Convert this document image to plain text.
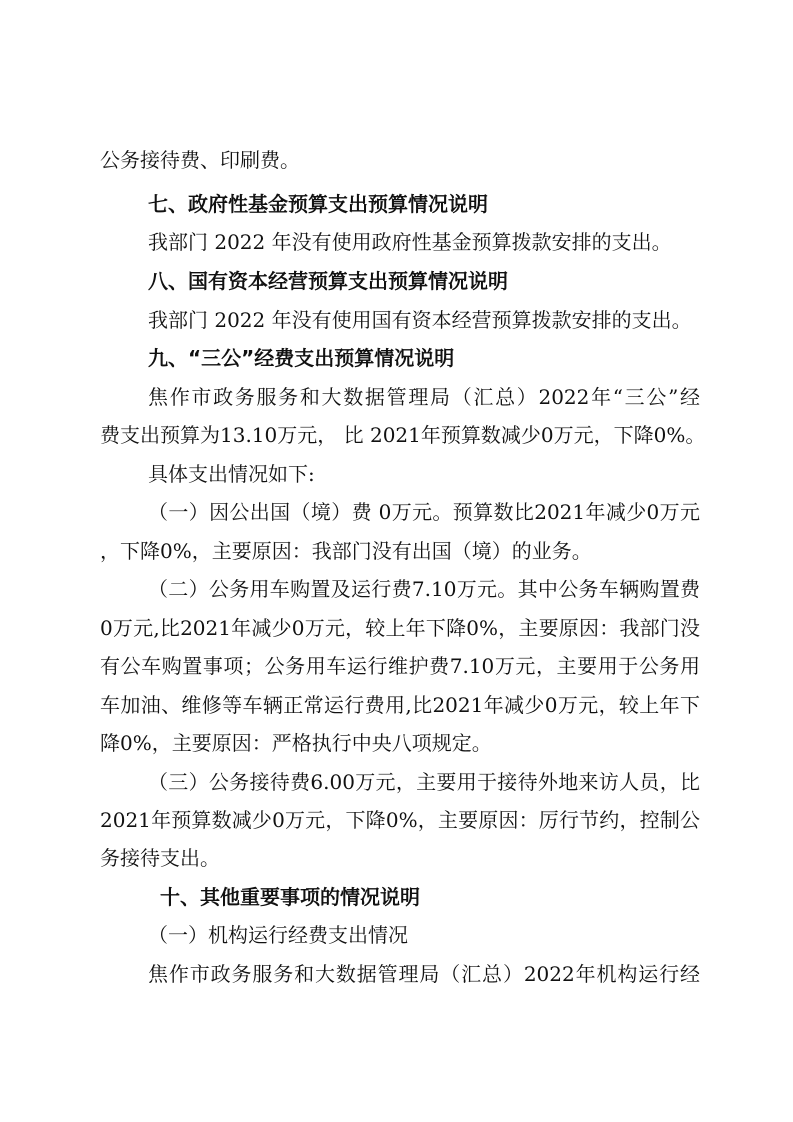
公务接待费、印刷费。
七、政府性基金预算支出预算情况说明
我部门 2022 年没有使用政府性基金预算拨款安排的支出。
八、国有资本经营预算支出预算情况说明
我部门 2022 年没有使用国有资本经营预算拨款安排的支出。
九、“三公”经费支出预算情况说明
焦作市政务服务和大数据管理局（汇总）2022年“三公”经
费支出预算为13.10万元， 比 2021年预算数减少0万元，下降0%。
具体支出情况如下:
（一）因公出国（境）费 0万元。预算数比2021年减少0万元
，下降0%，主要原因：我部门没有出国（境）的业务。
（二）公务用车购置及运行费7.10万元。其中公务车辆购置费
0万元,比2021年减少0万元，较上年下降0%，主要原因：我部门没
有公车购置事项；公务用车运行维护费7.10万元，主要用于公务用
车加油、维修等车辆正常运行费用,比2021年减少0万元，较上年下
降0%，主要原因：严格执行中央八项规定。
（三）公务接待费6.00万元，主要用于接待外地来访人员，比
2021年预算数减少0万元，下降0%，主要原因：厉行节约，控制公
务接待支出。
十、其他重要事项的情况说明
（一）机构运行经费支出情况
焦作市政务服务和大数据管理局（汇总）2022年机构运行经
